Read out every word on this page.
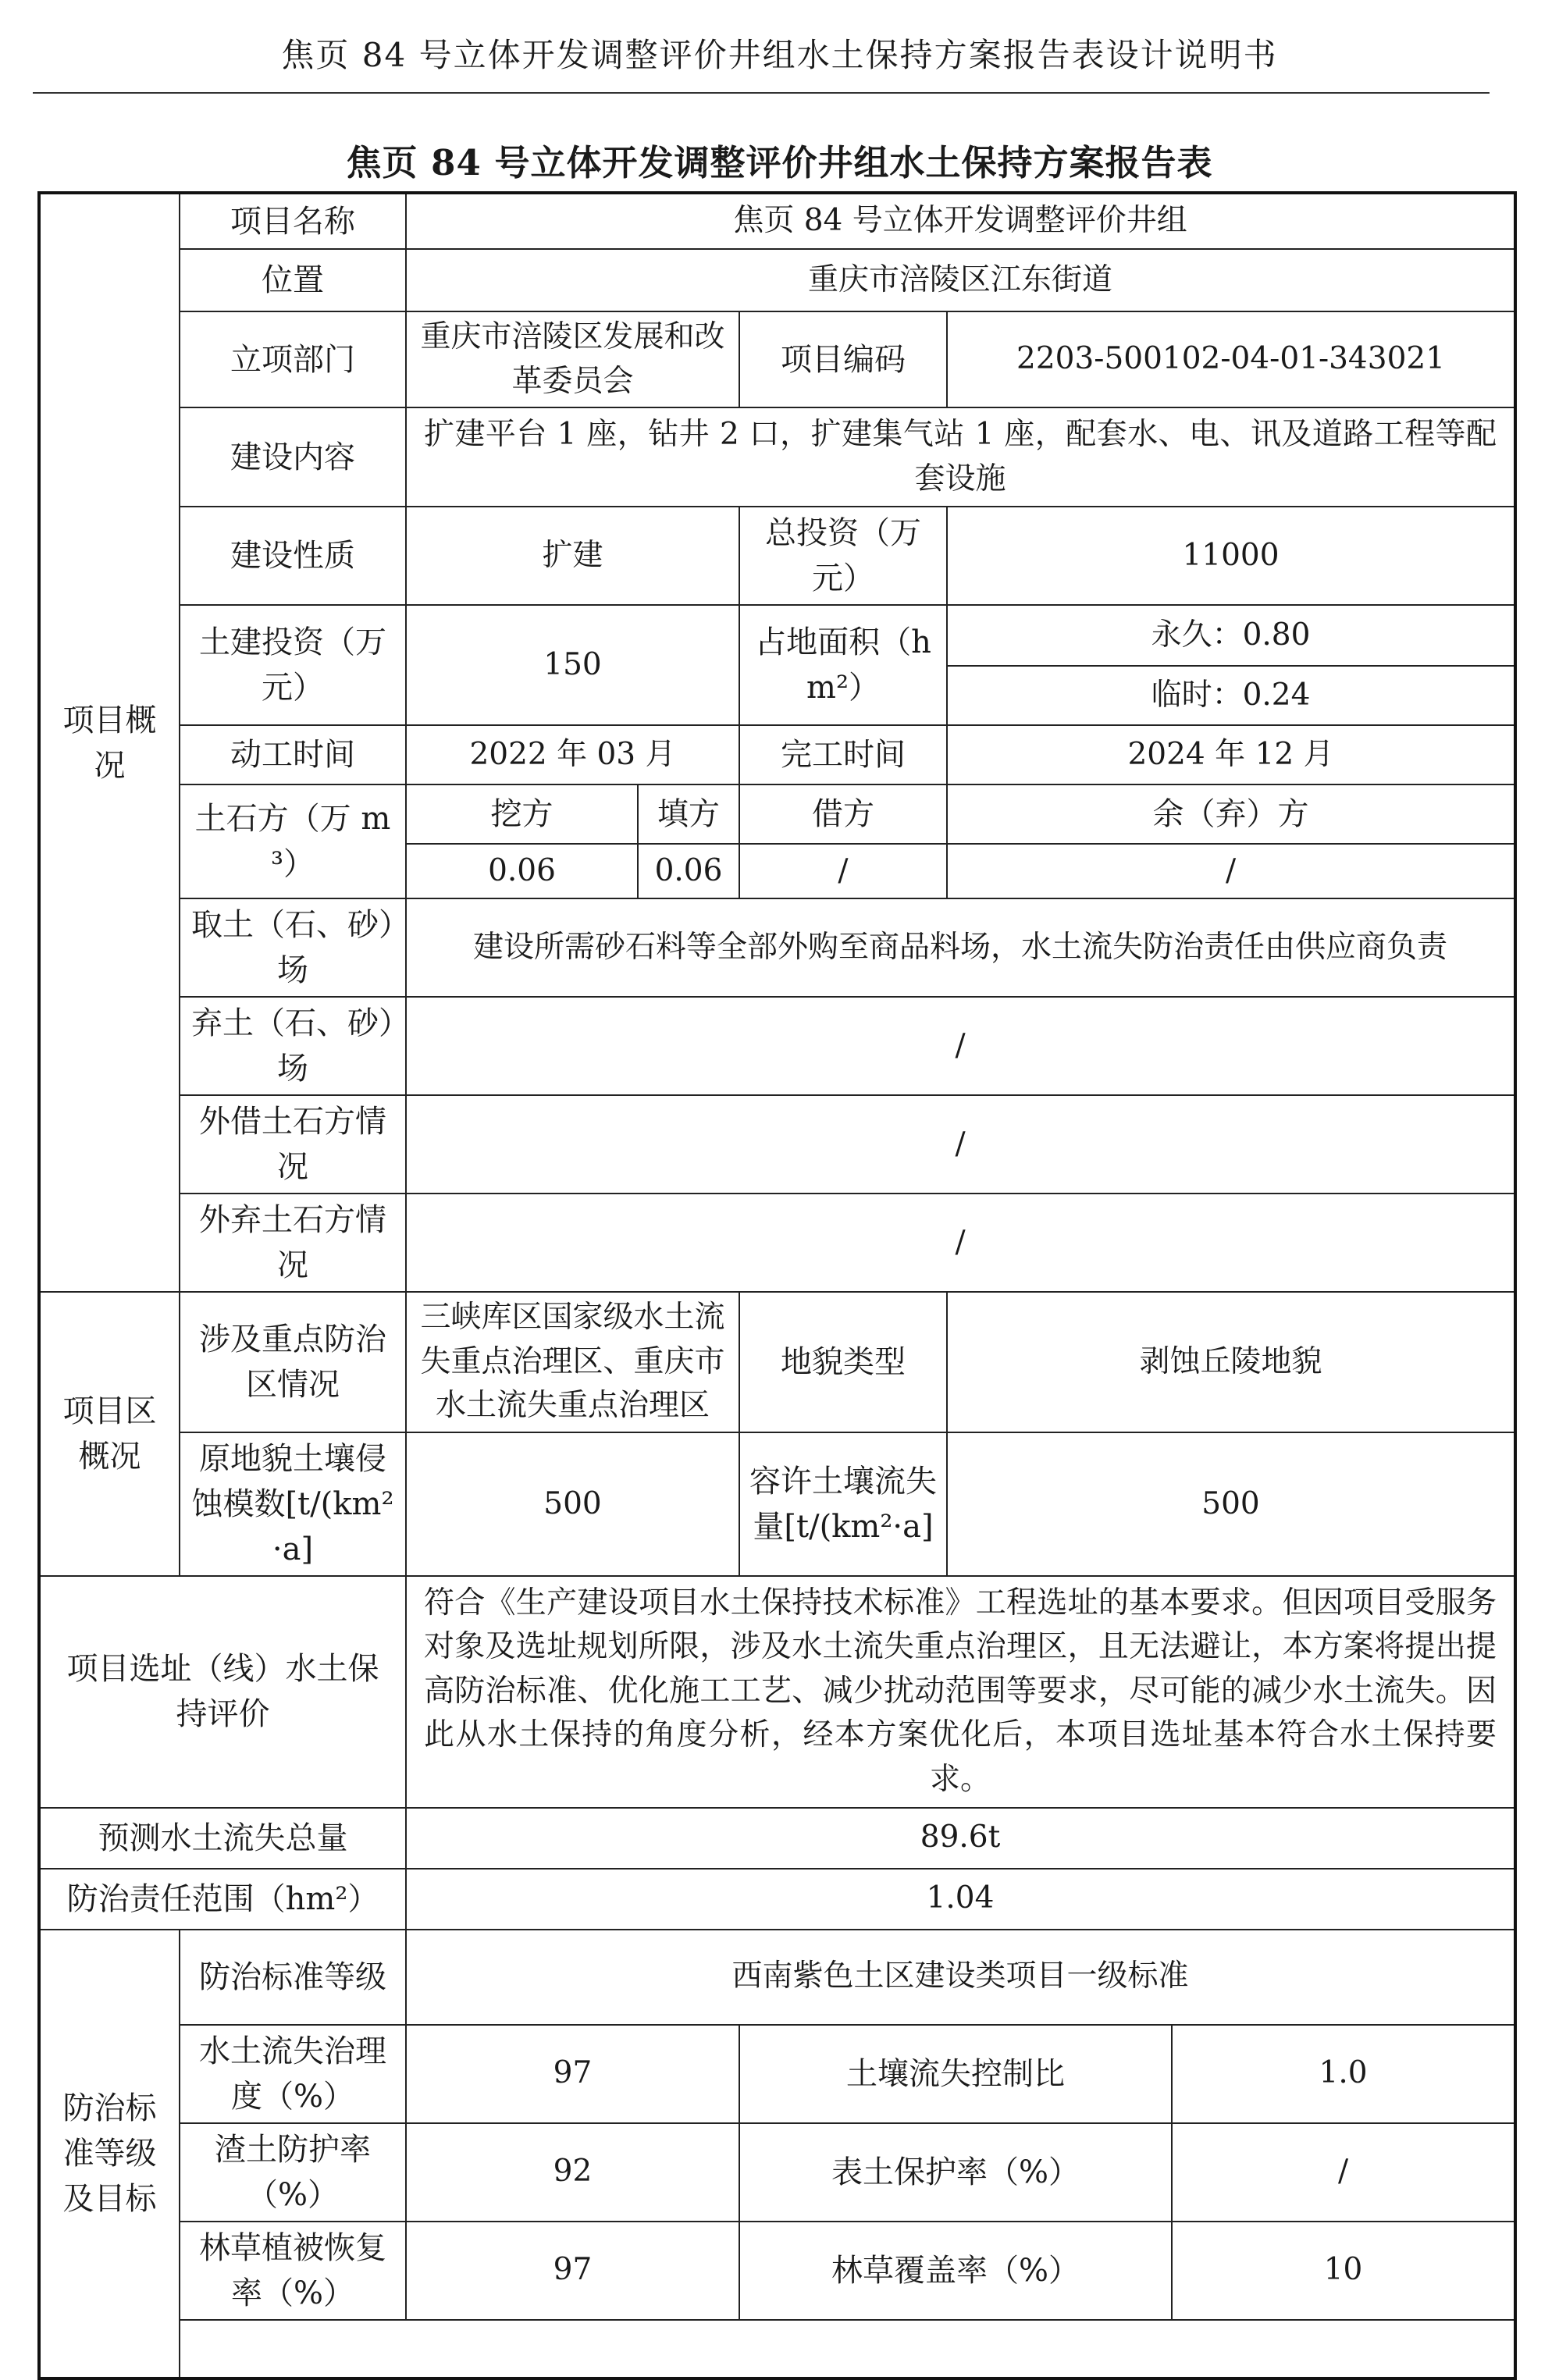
焦页 84 号立体开发调整评价井组水土保持方案报告表设计说明书
焦页 84 号立体开发调整评价井组水土保持方案报告表
项目概况	项目名称	焦页 84 号立体开发调整评价井组				
	位置	重庆市涪陵区江东街道				
	立项部门	重庆市涪陵区发展和改革委员会		项目编码	2203-500102-04-01-343021	
	建设内容	扩建平台 1 座，钻井 2 口，扩建集气站 1 座，配套水、电、讯及道路工程等配套设施				
	建设性质	扩建		总投资（万元）	11000	
	土建投资（万元）	150		占地面积（hm²）	永久：0.80	
					临时：0.24	
	动工时间	2022 年 03 月		完工时间	2024 年 12 月	
	土石方（万 m³）	挖方	填方	借方	余（弃）方	
		0.06	0.06	/	/	
	取土（石、砂）场	建设所需砂石料等全部外购至商品料场，水土流失防治责任由供应商负责				
	弃土（石、砂）场	/				
	外借土石方情况	/				
	外弃土石方情况	/				

项目区概况	涉及重点防治区情况	三峡库区国家级水土流失重点治理区、重庆市水土流失重点治理区		地貌类型	剥蚀丘陵地貌	
	原地貌土壤侵蚀模数[t/(km²·a]	500		容许土壤流失量[t/(km²·a]	500	
项目选址（线）水土保持评价		符合《生产建设项目水土保持技术标准》工程选址的基本要求。但因项目受服务对象及选址规划所限，涉及水土流失重点治理区，且无法避让，本方案将提出提高防治标准、优化施工工艺、减少扰动范围等要求，尽可能的减少水土流失。因此从水土保持的角度分析，经本方案优化后，本项目选址基本符合水土保持要求。				
预测水土流失总量		89.6t				
防治责任范围（hm²）		1.04				
防治标准等级及目标	防治标准等级	西南紫色土区建设类项目一级标准				
	水土流失治理度（%）	97		土壤流失控制比		1.0
	渣土防护率（%）	92		表土保护率（%）		/
	林草植被恢复率（%）	97		林草覆盖率（%）		10
